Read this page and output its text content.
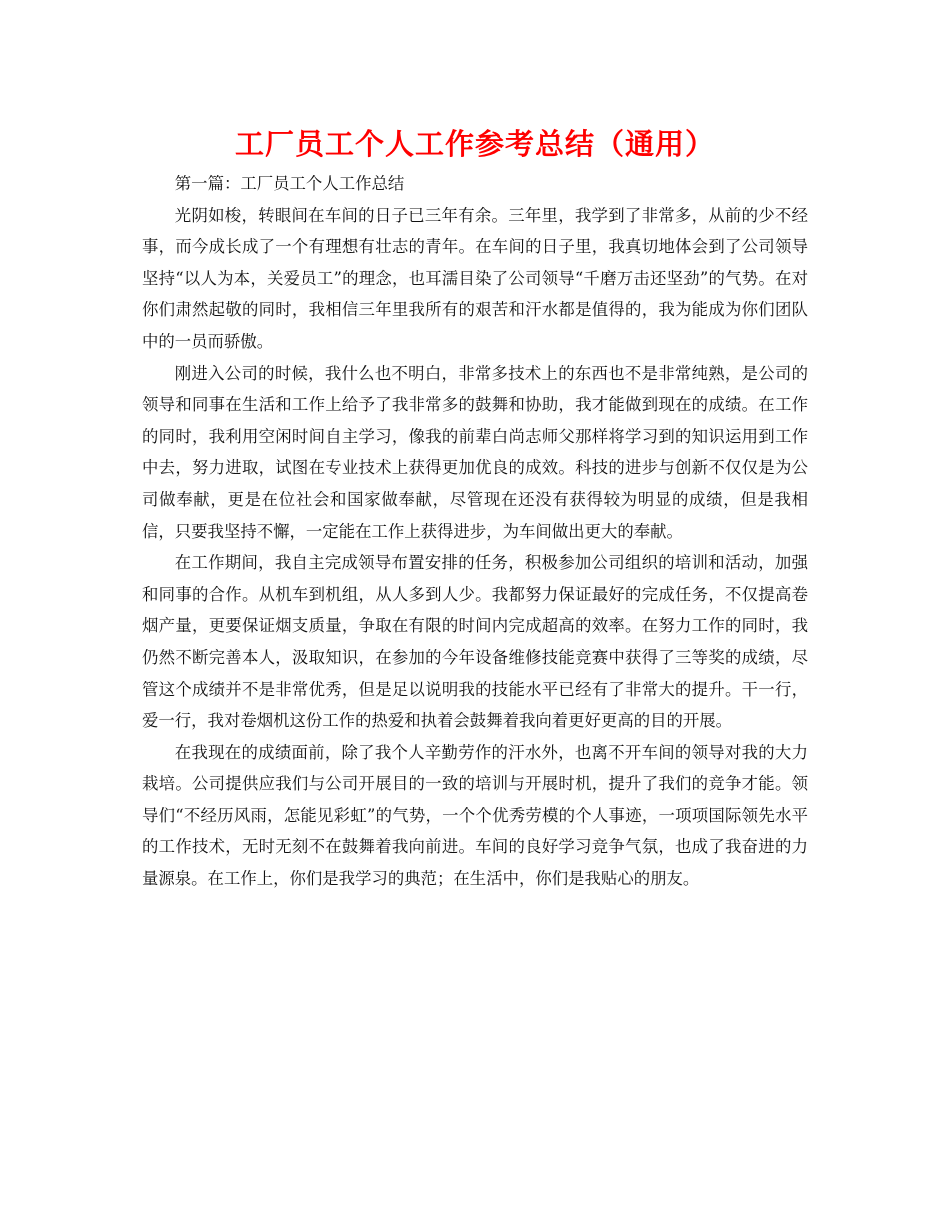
工厂员工个人工作参考总结（通用）

第一篇：工厂员工个人工作总结

光阴如梭，转眼间在车间的日子已三年有余。三年里，我学到了非常多，从前的少不经事，而今成长成了一个有理想有壮志的青年。在车间的日子里，我真切地体会到了公司领导坚持“以人为本，关爱员工”的理念，也耳濡目染了公司领导“千磨万击还坚劲”的气势。在对你们肃然起敬的同时，我相信三年里我所有的艰苦和汗水都是值得的，我为能成为你们团队中的一员而骄傲。

刚进入公司的时候，我什么也不明白，非常多技术上的东西也不是非常纯熟，是公司的领导和同事在生活和工作上给予了我非常多的鼓舞和协助，我才能做到现在的成绩。在工作的同时，我利用空闲时间自主学习，像我的前辈白尚志师父那样将学习到的知识运用到工作中去，努力进取，试图在专业技术上获得更加优良的成效。科技的进步与创新不仅仅是为公司做奉献，更是在位社会和国家做奉献，尽管现在还没有获得较为明显的成绩，但是我相信，只要我坚持不懈，一定能在工作上获得进步，为车间做出更大的奉献。

在工作期间，我自主完成领导布置安排的任务，积极参加公司组织的培训和活动，加强和同事的合作。从机车到机组，从人多到人少。我都努力保证最好的完成任务，不仅提高卷烟产量，更要保证烟支质量，争取在有限的时间内完成超高的效率。在努力工作的同时，我仍然不断完善本人，汲取知识，在参加的今年设备维修技能竞赛中获得了三等奖的成绩，尽管这个成绩并不是非常优秀，但是足以说明我的技能水平已经有了非常大的提升。干一行，爱一行，我对卷烟机这份工作的热爱和执着会鼓舞着我向着更好更高的目的开展。

在我现在的成绩面前，除了我个人辛勤劳作的汗水外，也离不开车间的领导对我的大力栽培。公司提供应我们与公司开展目的一致的培训与开展时机，提升了我们的竞争才能。领导们“不经历风雨，怎能见彩虹”的气势，一个个优秀劳模的个人事迹，一项项国际领先水平的工作技术，无时无刻不在鼓舞着我向前进。车间的良好学习竞争气氛，也成了我奋进的力量源泉。在工作上，你们是我学习的典范；在生活中，你们是我贴心的朋友。
